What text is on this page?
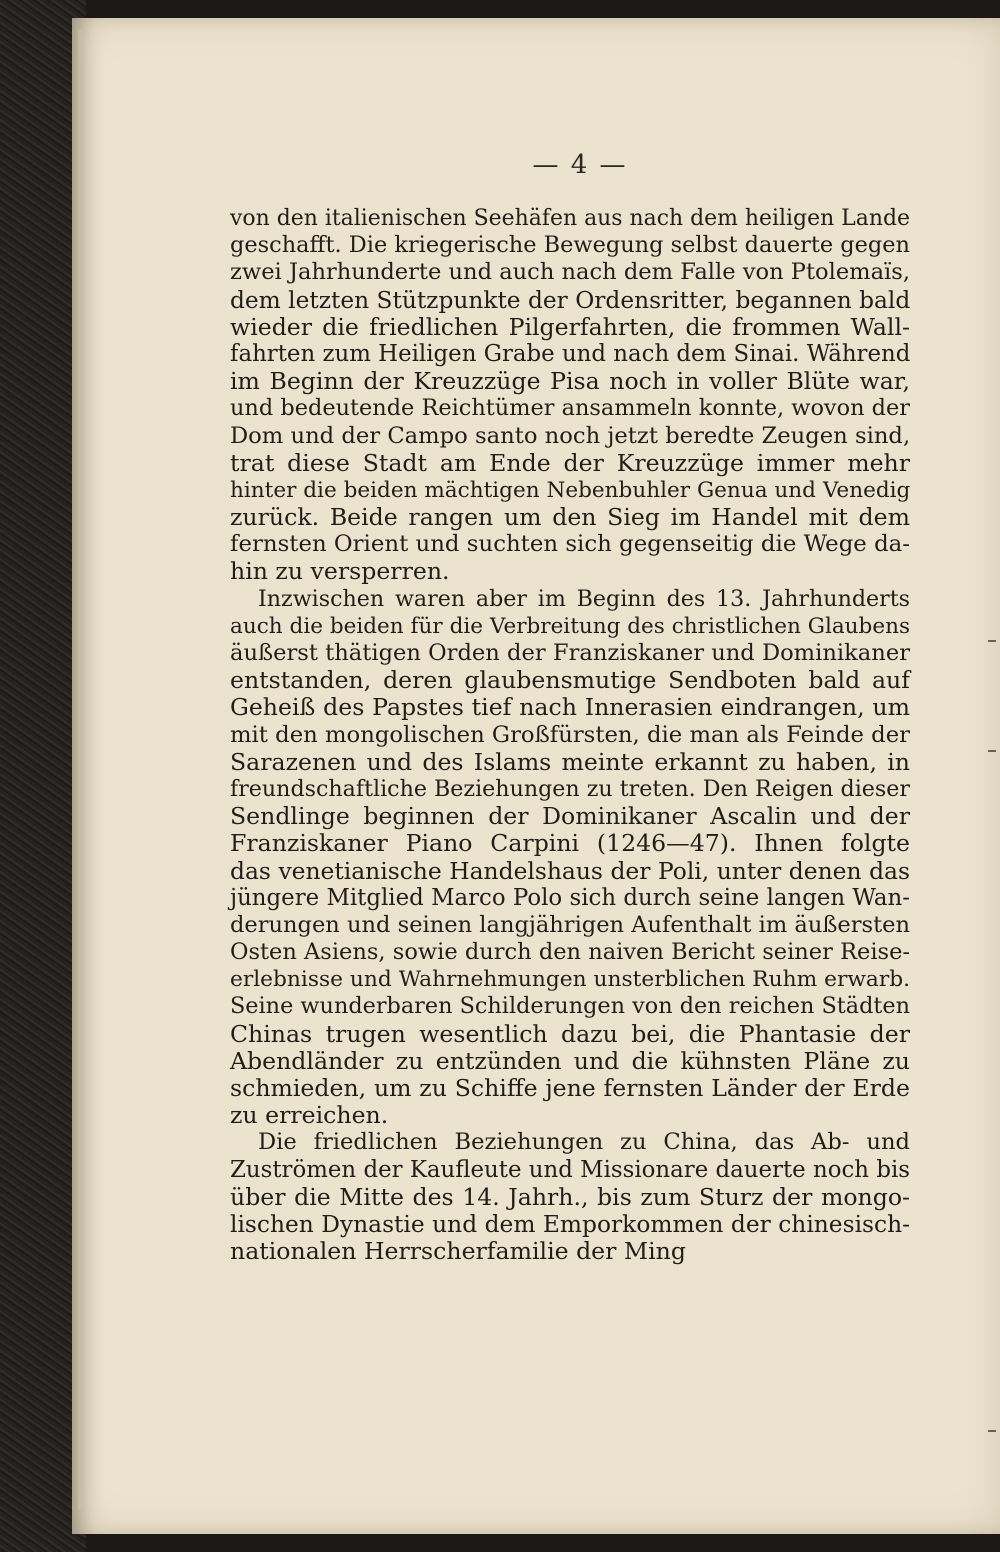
— 4 —
von den italienischen Seehäfen aus nach dem heiligen Lande
geschafft. Die kriegerische Bewegung selbst dauerte gegen
zwei Jahrhunderte und auch nach dem Falle von Ptolemaïs,
dem letzten Stützpunkte der Ordensritter, begannen bald
wieder die friedlichen Pilgerfahrten, die frommen Wall-
fahrten zum Heiligen Grabe und nach dem Sinai. Während
im Beginn der Kreuzzüge Pisa noch in voller Blüte war,
und bedeutende Reichtümer ansammeln konnte, wovon der
Dom und der Campo santo noch jetzt beredte Zeugen sind,
trat diese Stadt am Ende der Kreuzzüge immer mehr
hinter die beiden mächtigen Nebenbuhler Genua und Venedig
zurück. Beide rangen um den Sieg im Handel mit dem
fernsten Orient und suchten sich gegenseitig die Wege da-
hin zu versperren.
Inzwischen waren aber im Beginn des 13. Jahrhunderts
auch die beiden für die Verbreitung des christlichen Glaubens
äußerst thätigen Orden der Franziskaner und Dominikaner
entstanden, deren glaubensmutige Sendboten bald auf
Geheiß des Papstes tief nach Innerasien eindrangen, um
mit den mongolischen Großfürsten, die man als Feinde der
Sarazenen und des Islams meinte erkannt zu haben, in
freundschaftliche Beziehungen zu treten. Den Reigen dieser
Sendlinge beginnen der Dominikaner Ascalin und der
Franziskaner Piano Carpini (1246—47). Ihnen folgte
das venetianische Handelshaus der Poli, unter denen das
jüngere Mitglied Marco Polo sich durch seine langen Wan-
derungen und seinen langjährigen Aufenthalt im äußersten
Osten Asiens, sowie durch den naiven Bericht seiner Reise-
erlebnisse und Wahrnehmungen unsterblichen Ruhm erwarb.
Seine wunderbaren Schilderungen von den reichen Städten
Chinas trugen wesentlich dazu bei, die Phantasie der
Abendländer zu entzünden und die kühnsten Pläne zu
schmieden, um zu Schiffe jene fernsten Länder der Erde
zu erreichen.
Die friedlichen Beziehungen zu China, das Ab- und
Zuströmen der Kaufleute und Missionare dauerte noch bis
über die Mitte des 14. Jahrh., bis zum Sturz der mongo-
lischen Dynastie und dem Emporkommen der chinesisch-
nationalen Herrscherfamilie der Ming
